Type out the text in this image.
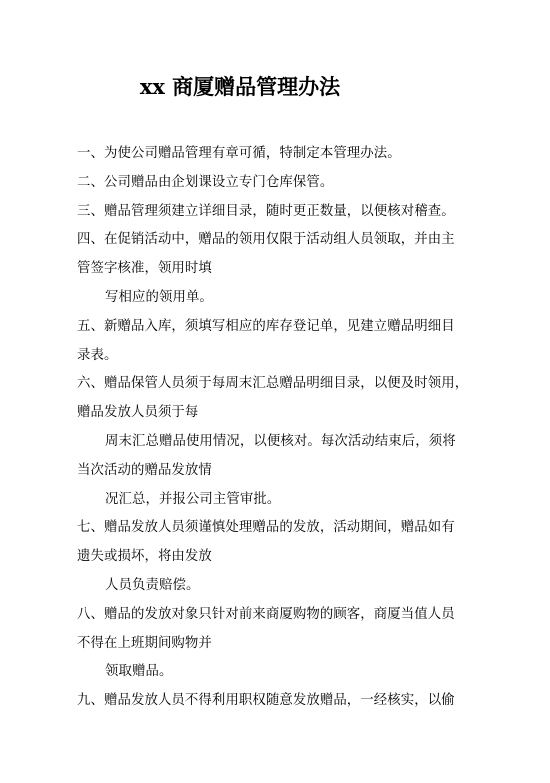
xx 商厦赠品管理办法
一、为使公司赠品管理有章可循，特制定本管理办法。
二、公司赠品由企划课设立专门仓库保管。
三、赠品管理须建立详细目录，随时更正数量，以便核对稽查。
四、在促销活动中，赠品的领用仅限于活动组人员领取，并由主
管签字核准，领用时填
写相应的领用单。
五、新赠品入库，须填写相应的库存登记单，见建立赠品明细目
录表。
六、赠品保管人员须于每周末汇总赠品明细目录，以便及时领用，
赠品发放人员须于每
周末汇总赠品使用情况，以便核对。每次活动结束后，须将
当次活动的赠品发放情
况汇总，并报公司主管审批。
七、赠品发放人员须谨慎处理赠品的发放，活动期间，赠品如有
遗失或损坏，将由发放
人员负责赔偿。
八、赠品的发放对象只针对前来商厦购物的顾客，商厦当值人员
不得在上班期间购物并
领取赠品。
九、赠品发放人员不得利用职权随意发放赠品，一经核实，以偷
